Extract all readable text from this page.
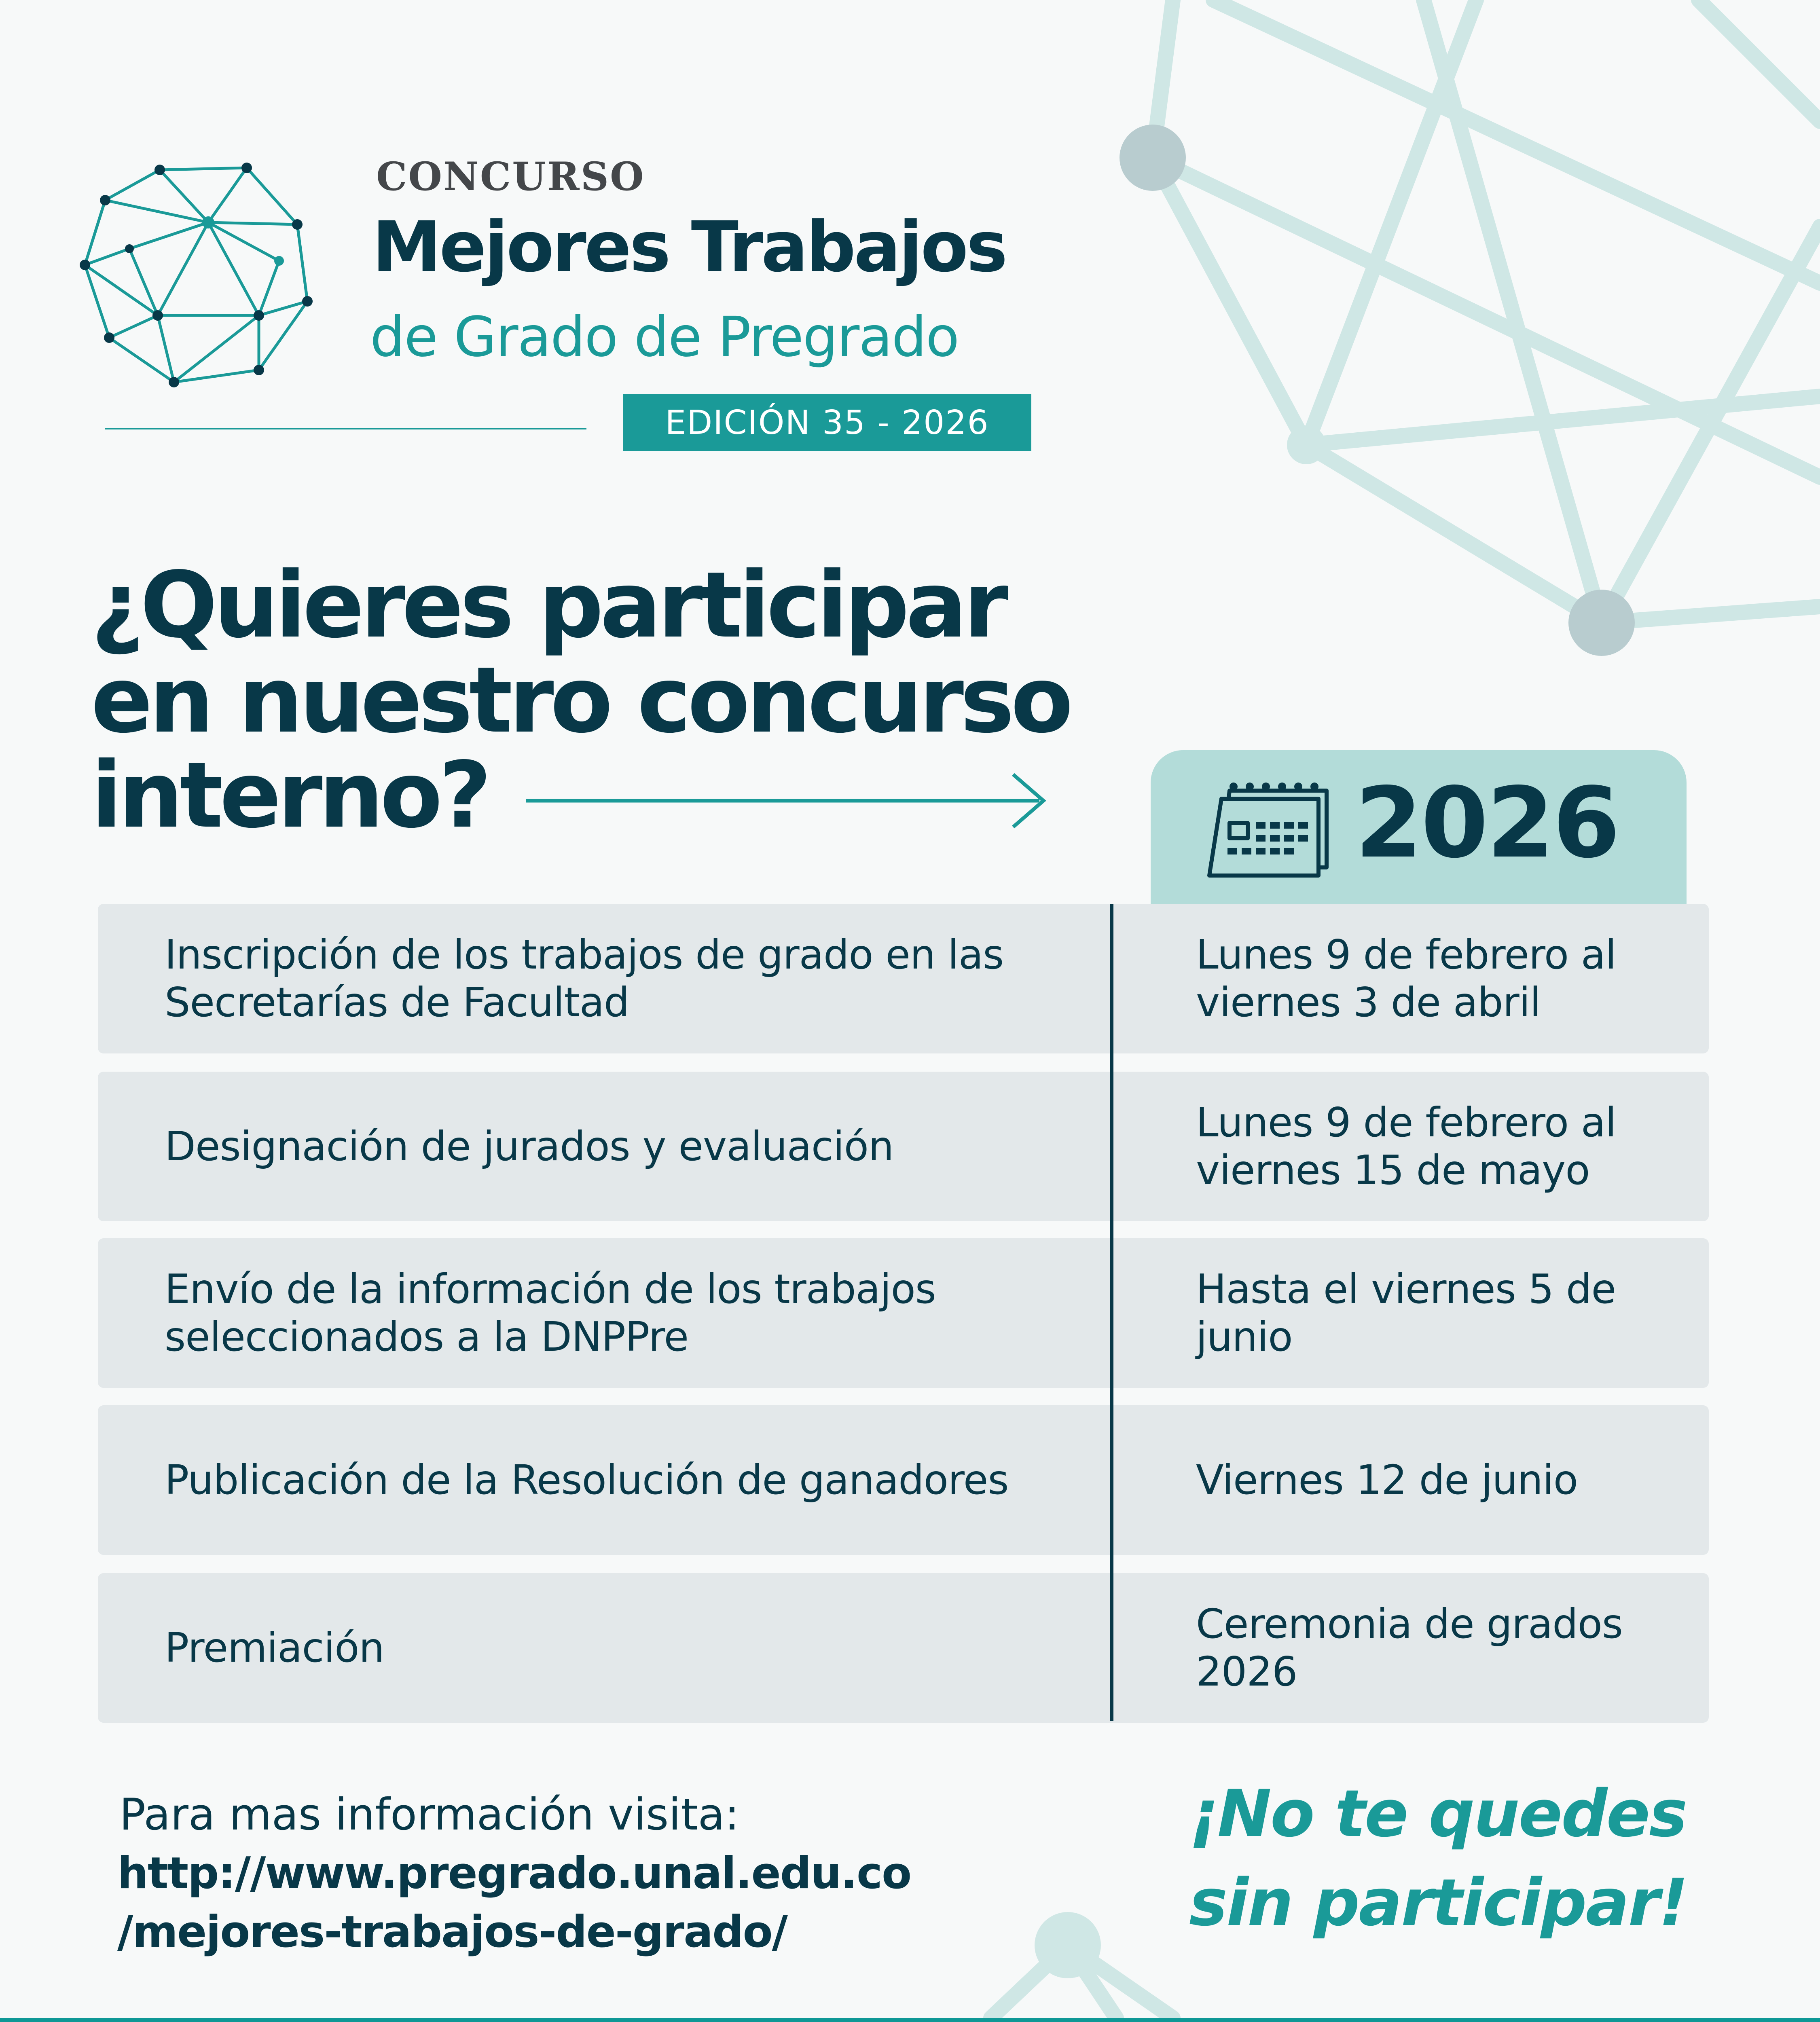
CONCURSO
Mejores Trabajos
de Grado de Pregrado
EDICIÓN 35 - 2026
¿Quieres participar
en nuestro concurso
interno?	2026
Inscripción de los trabajos de grado en las Secretarías de Facultad
Lunes 9 de febrero al viernes 3 de abril
Designación de jurados y evaluación
Lunes 9 de febrero al viernes 15 de mayo
Envío de la información de los trabajos seleccionados a la DNPPre
Hasta el viernes 5 de junio
Publicación de la Resolución de ganadores	Viernes 12 de junio
Premiación
Ceremonia de grados 2026
Para mas información visita:
http://www.pregrado.unal.edu.co
/mejores-trabajos-de-grado/
¡No te quedes
sin participar!
